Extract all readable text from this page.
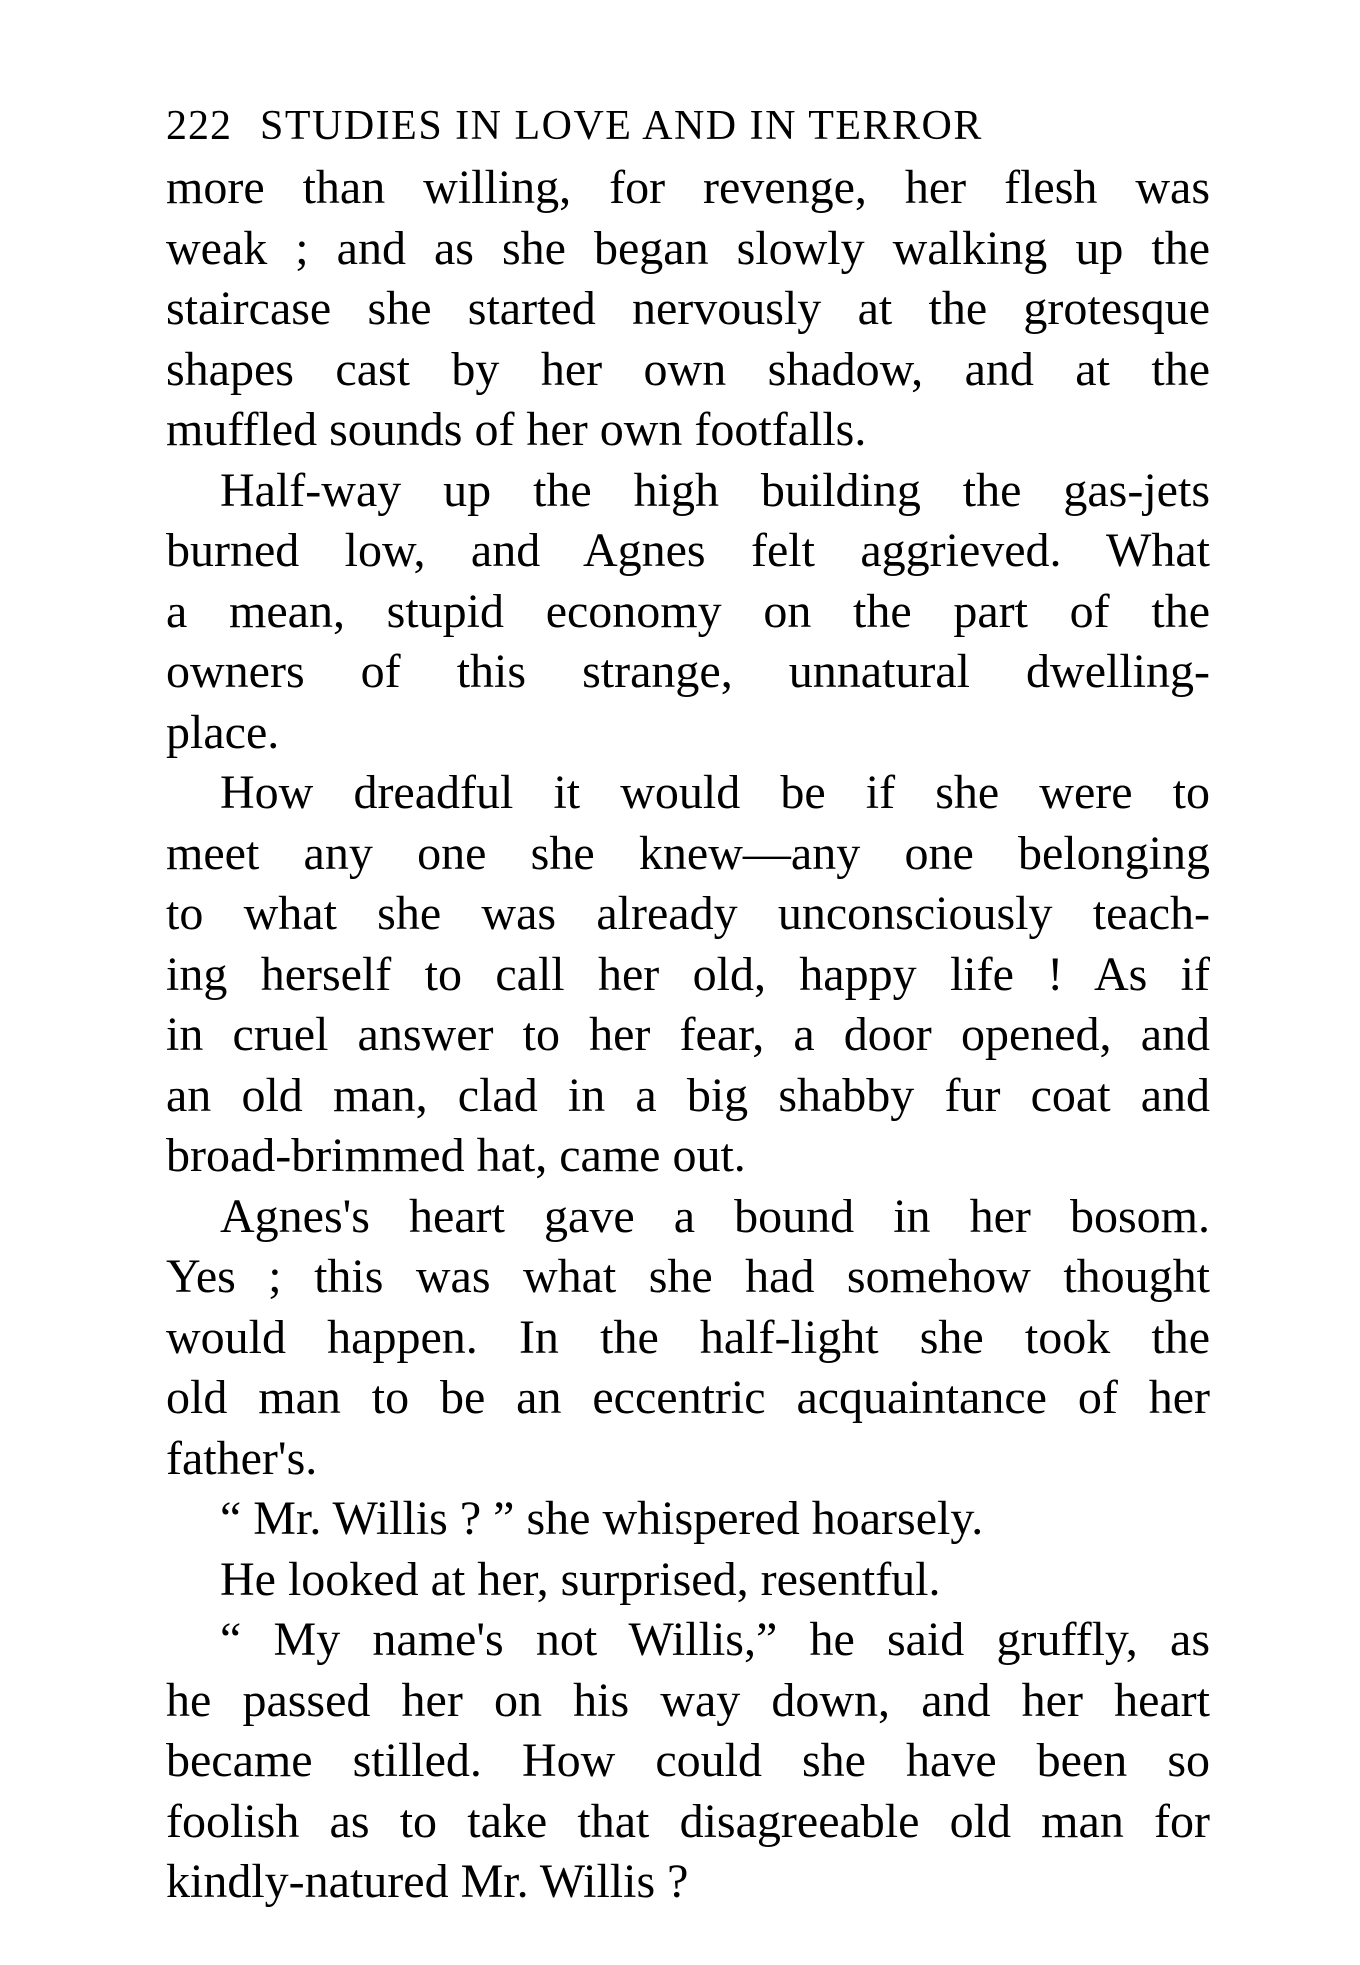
222 STUDIES IN LOVE AND IN TERROR
more than willing, for revenge, her flesh was
weak ; and as she began slowly walking up the
staircase she started nervously at the grotesque
shapes cast by her own shadow, and at the
muffled sounds of her own footfalls.
Half-way up the high building the gas-jets
burned low, and Agnes felt aggrieved. What
a mean, stupid economy on the part of the
owners of this strange, unnatural dwelling-
place.
How dreadful it would be if she were to
meet any one she knew—any one belonging
to what she was already unconsciously teach-
ing herself to call her old, happy life ! As if
in cruel answer to her fear, a door opened, and
an old man, clad in a big shabby fur coat and
broad-brimmed hat, came out.
Agnes's heart gave a bound in her bosom.
Yes ; this was what she had somehow thought
would happen. In the half-light she took the
old man to be an eccentric acquaintance of her
father's.
“ Mr. Willis ? ” she whispered hoarsely.
He looked at her, surprised, resentful.
“ My name's not Willis,” he said gruffly, as
he passed her on his way down, and her heart
became stilled. How could she have been so
foolish as to take that disagreeable old man for
kindly-natured Mr. Willis ?
